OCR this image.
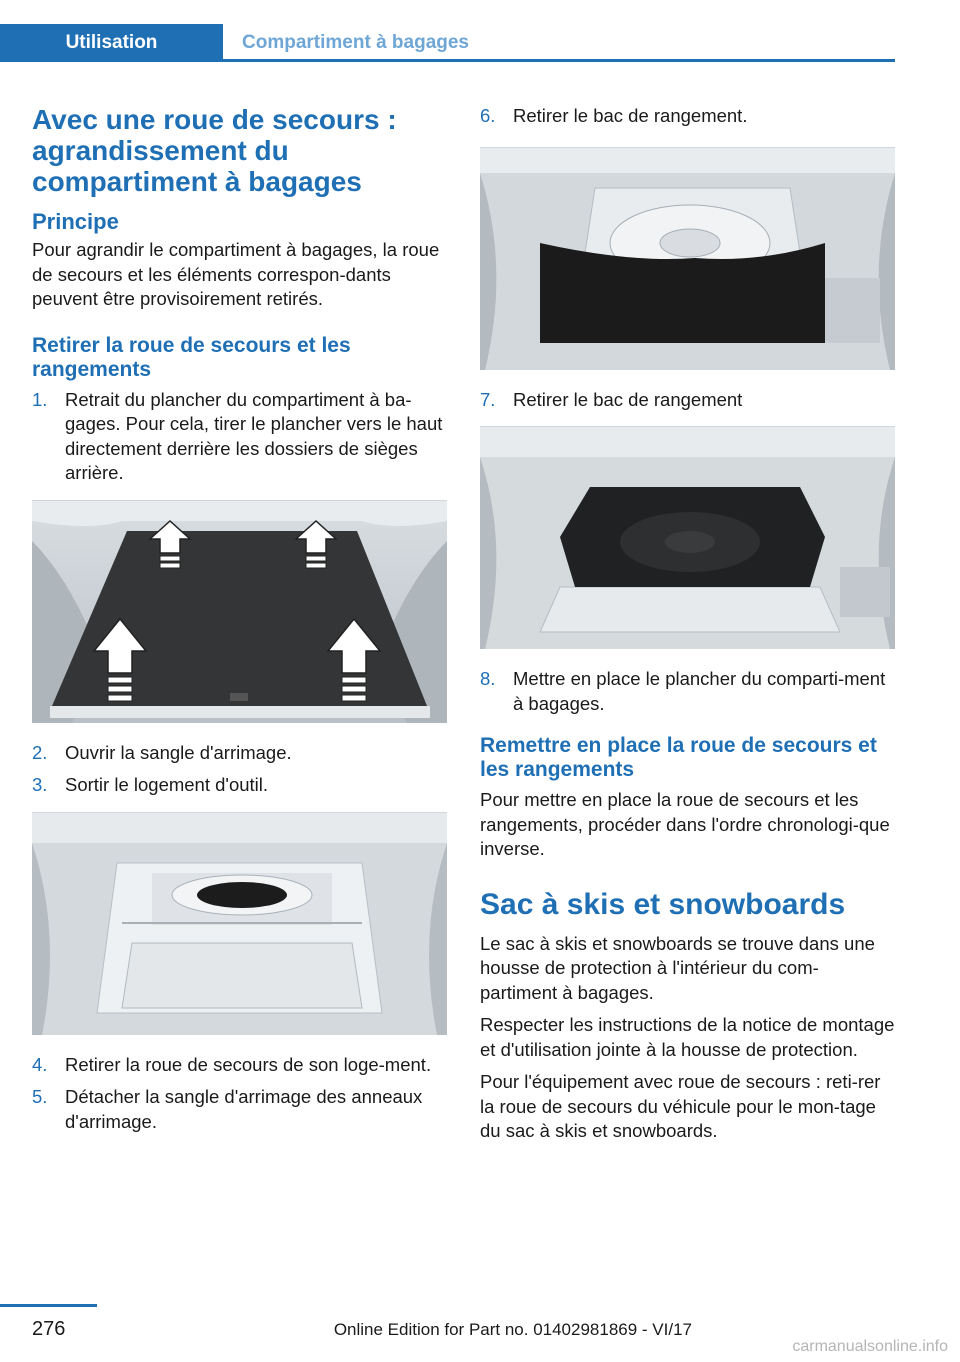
Utilisation	Compartiment à bagages
Avec une roue de secours : agrandissement du compartiment à bagages
Principe

Pour agrandir le compartiment à bagages, la roue de secours et les éléments correspon-dants peuvent être provisoirement retirés.

Retirer la roue de secours et les rangements
1. Retrait du plancher du compartiment à ba-gages. Pour cela, tirer le plancher vers le haut directement derrière les dossiers de sièges arrière.
2. Ouvrir la sangle d'arrimage.
3. Sortir le logement d'outil.
4. Retirer la roue de secours de son loge-ment.
5. Détacher la sangle d'arrimage des anneaux d'arrimage.
6. Retirer le bac de rangement.
7. Retirer le bac de rangement
8. Mettre en place le plancher du comparti-ment à bagages.
Remettre en place la roue de secours et les rangements

Pour mettre en place la roue de secours et les rangements, procéder dans l'ordre chronologi-que inverse.

Sac à skis et snowboards

Le sac à skis et snowboards se trouve dans une housse de protection à l'intérieur du com-partiment à bagages.

Respecter les instructions de la notice de montage et d'utilisation jointe à la housse de protection.

Pour l'équipement avec roue de secours : reti-rer la roue de secours du véhicule pour le mon-tage du sac à skis et snowboards.

276	Online Edition for Part no. 01402981869 - VI/17
carmanualsonline.info
